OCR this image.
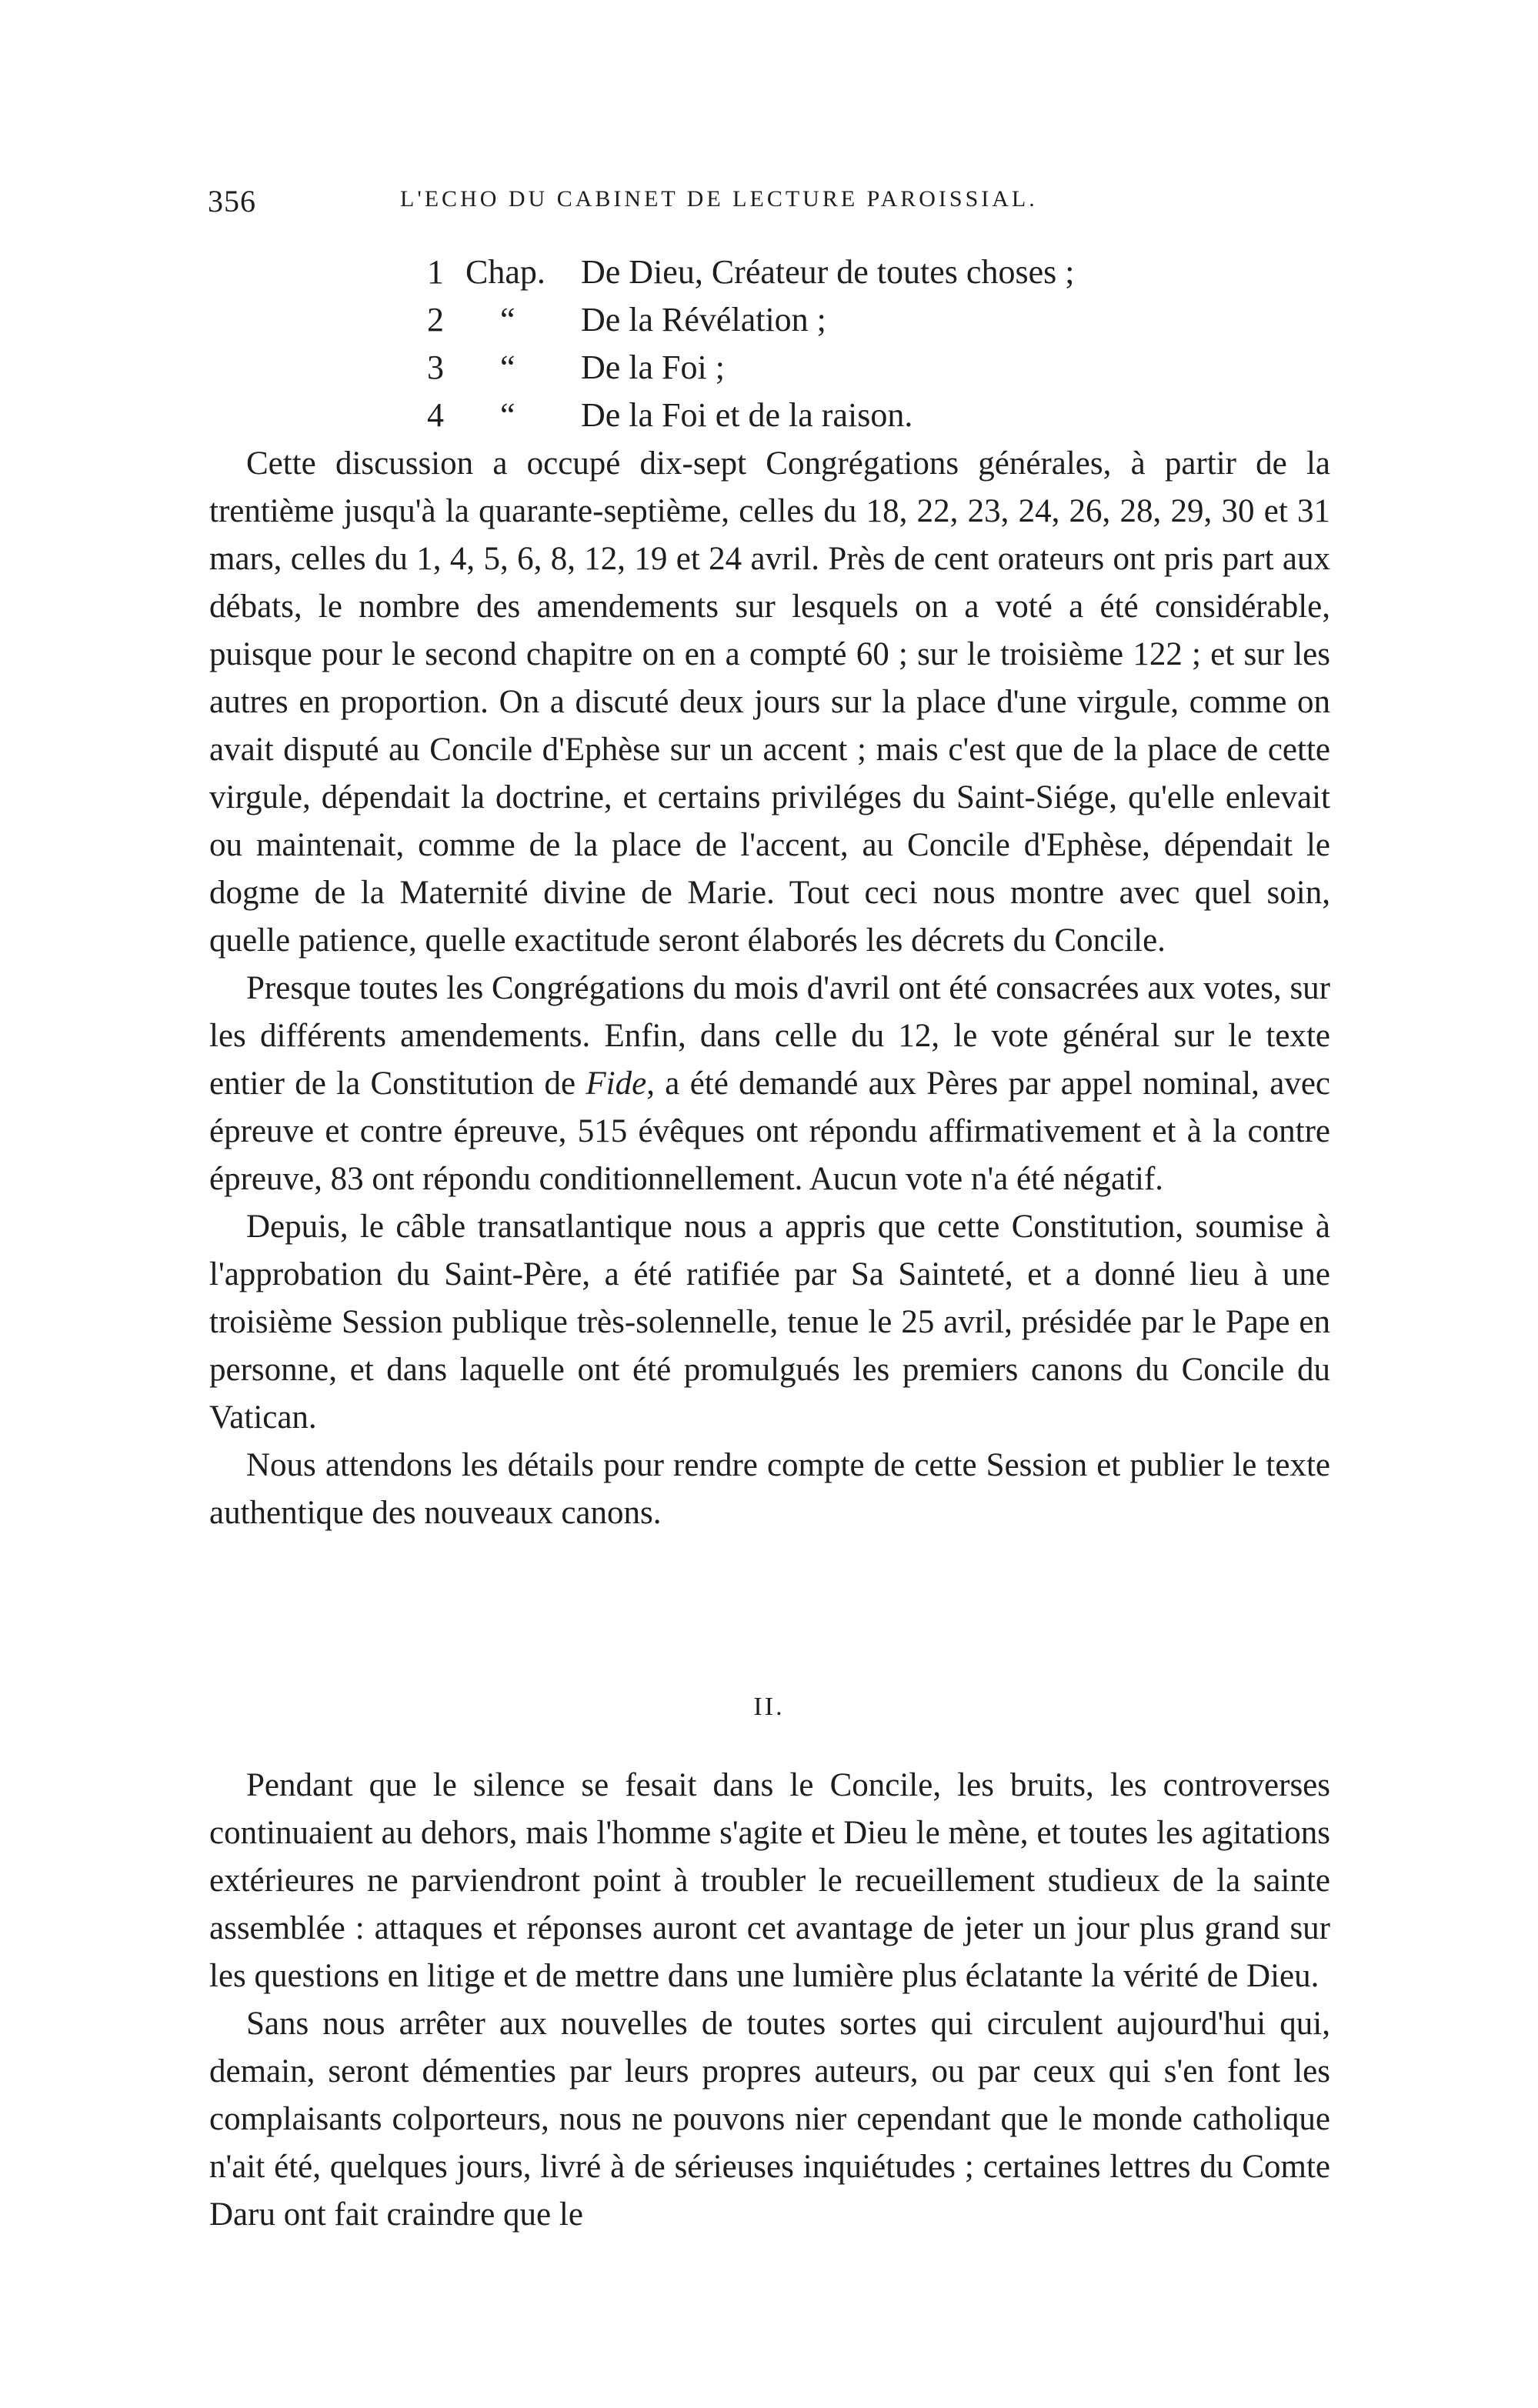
356	L'ECHO DU CABINET DE LECTURE PAROISSIAL.
1 Chap. De Dieu, Créateur de toutes choses ;
2 “ De la Révélation ;
3 “ De la Foi ;
4 “ De la Foi et de la raison.

Cette discussion a occupé dix-sept Congrégations générales, à partir de la trentième jusqu'à la quarante-septième, celles du 18, 22, 23, 24, 26, 28, 29, 30 et 31 mars, celles du 1, 4, 5, 6, 8, 12, 19 et 24 avril. Près de cent orateurs ont pris part aux débats, le nombre des amendements sur lesquels on a voté a été considérable, puisque pour le second chapitre on en a compté 60 ; sur le troisième 122 ; et sur les autres en proportion. On a discuté deux jours sur la place d'une virgule, comme on avait disputé au Concile d'Ephèse sur un accent ; mais c'est que de la place de cette virgule, dépendait la doctrine, et certains priviléges du Saint-Siége, qu'elle enlevait ou maintenait, comme de la place de l'accent, au Concile d'Ephèse, dépendait le dogme de la Maternité divine de Marie. Tout ceci nous montre avec quel soin, quelle patience, quelle exactitude seront élaborés les décrets du Concile.

Presque toutes les Congrégations du mois d'avril ont été consacrées aux votes, sur les différents amendements. Enfin, dans celle du 12, le vote général sur le texte entier de la Constitution de Fide, a été demandé aux Pères par appel nominal, avec épreuve et contre épreuve, 515 évêques ont répondu affirmativement et à la contre épreuve, 83 ont répondu conditionnellement. Aucun vote n'a été négatif.

Depuis, le câble transatlantique nous a appris que cette Constitution, soumise à l'approbation du Saint-Père, a été ratifiée par Sa Sainteté, et a donné lieu à une troisième Session publique très-solennelle, tenue le 25 avril, présidée par le Pape en personne, et dans laquelle ont été promulgués les premiers canons du Concile du Vatican.

Nous attendons les détails pour rendre compte de cette Session et publier le texte authentique des nouveaux canons.

II.

Pendant que le silence se fesait dans le Concile, les bruits, les controverses continuaient au dehors, mais l'homme s'agite et Dieu le mène, et toutes les agitations extérieures ne parviendront point à troubler le recueillement studieux de la sainte assemblée : attaques et réponses auront cet avantage de jeter un jour plus grand sur les questions en litige et de mettre dans une lumière plus éclatante la vérité de Dieu.

Sans nous arrêter aux nouvelles de toutes sortes qui circulent aujourd'hui qui, demain, seront démenties par leurs propres auteurs, ou par ceux qui s'en font les complaisants colporteurs, nous ne pouvons nier cependant que le monde catholique n'ait été, quelques jours, livré à de sérieuses inquiétudes ; certaines lettres du Comte Daru ont fait craindre que le
